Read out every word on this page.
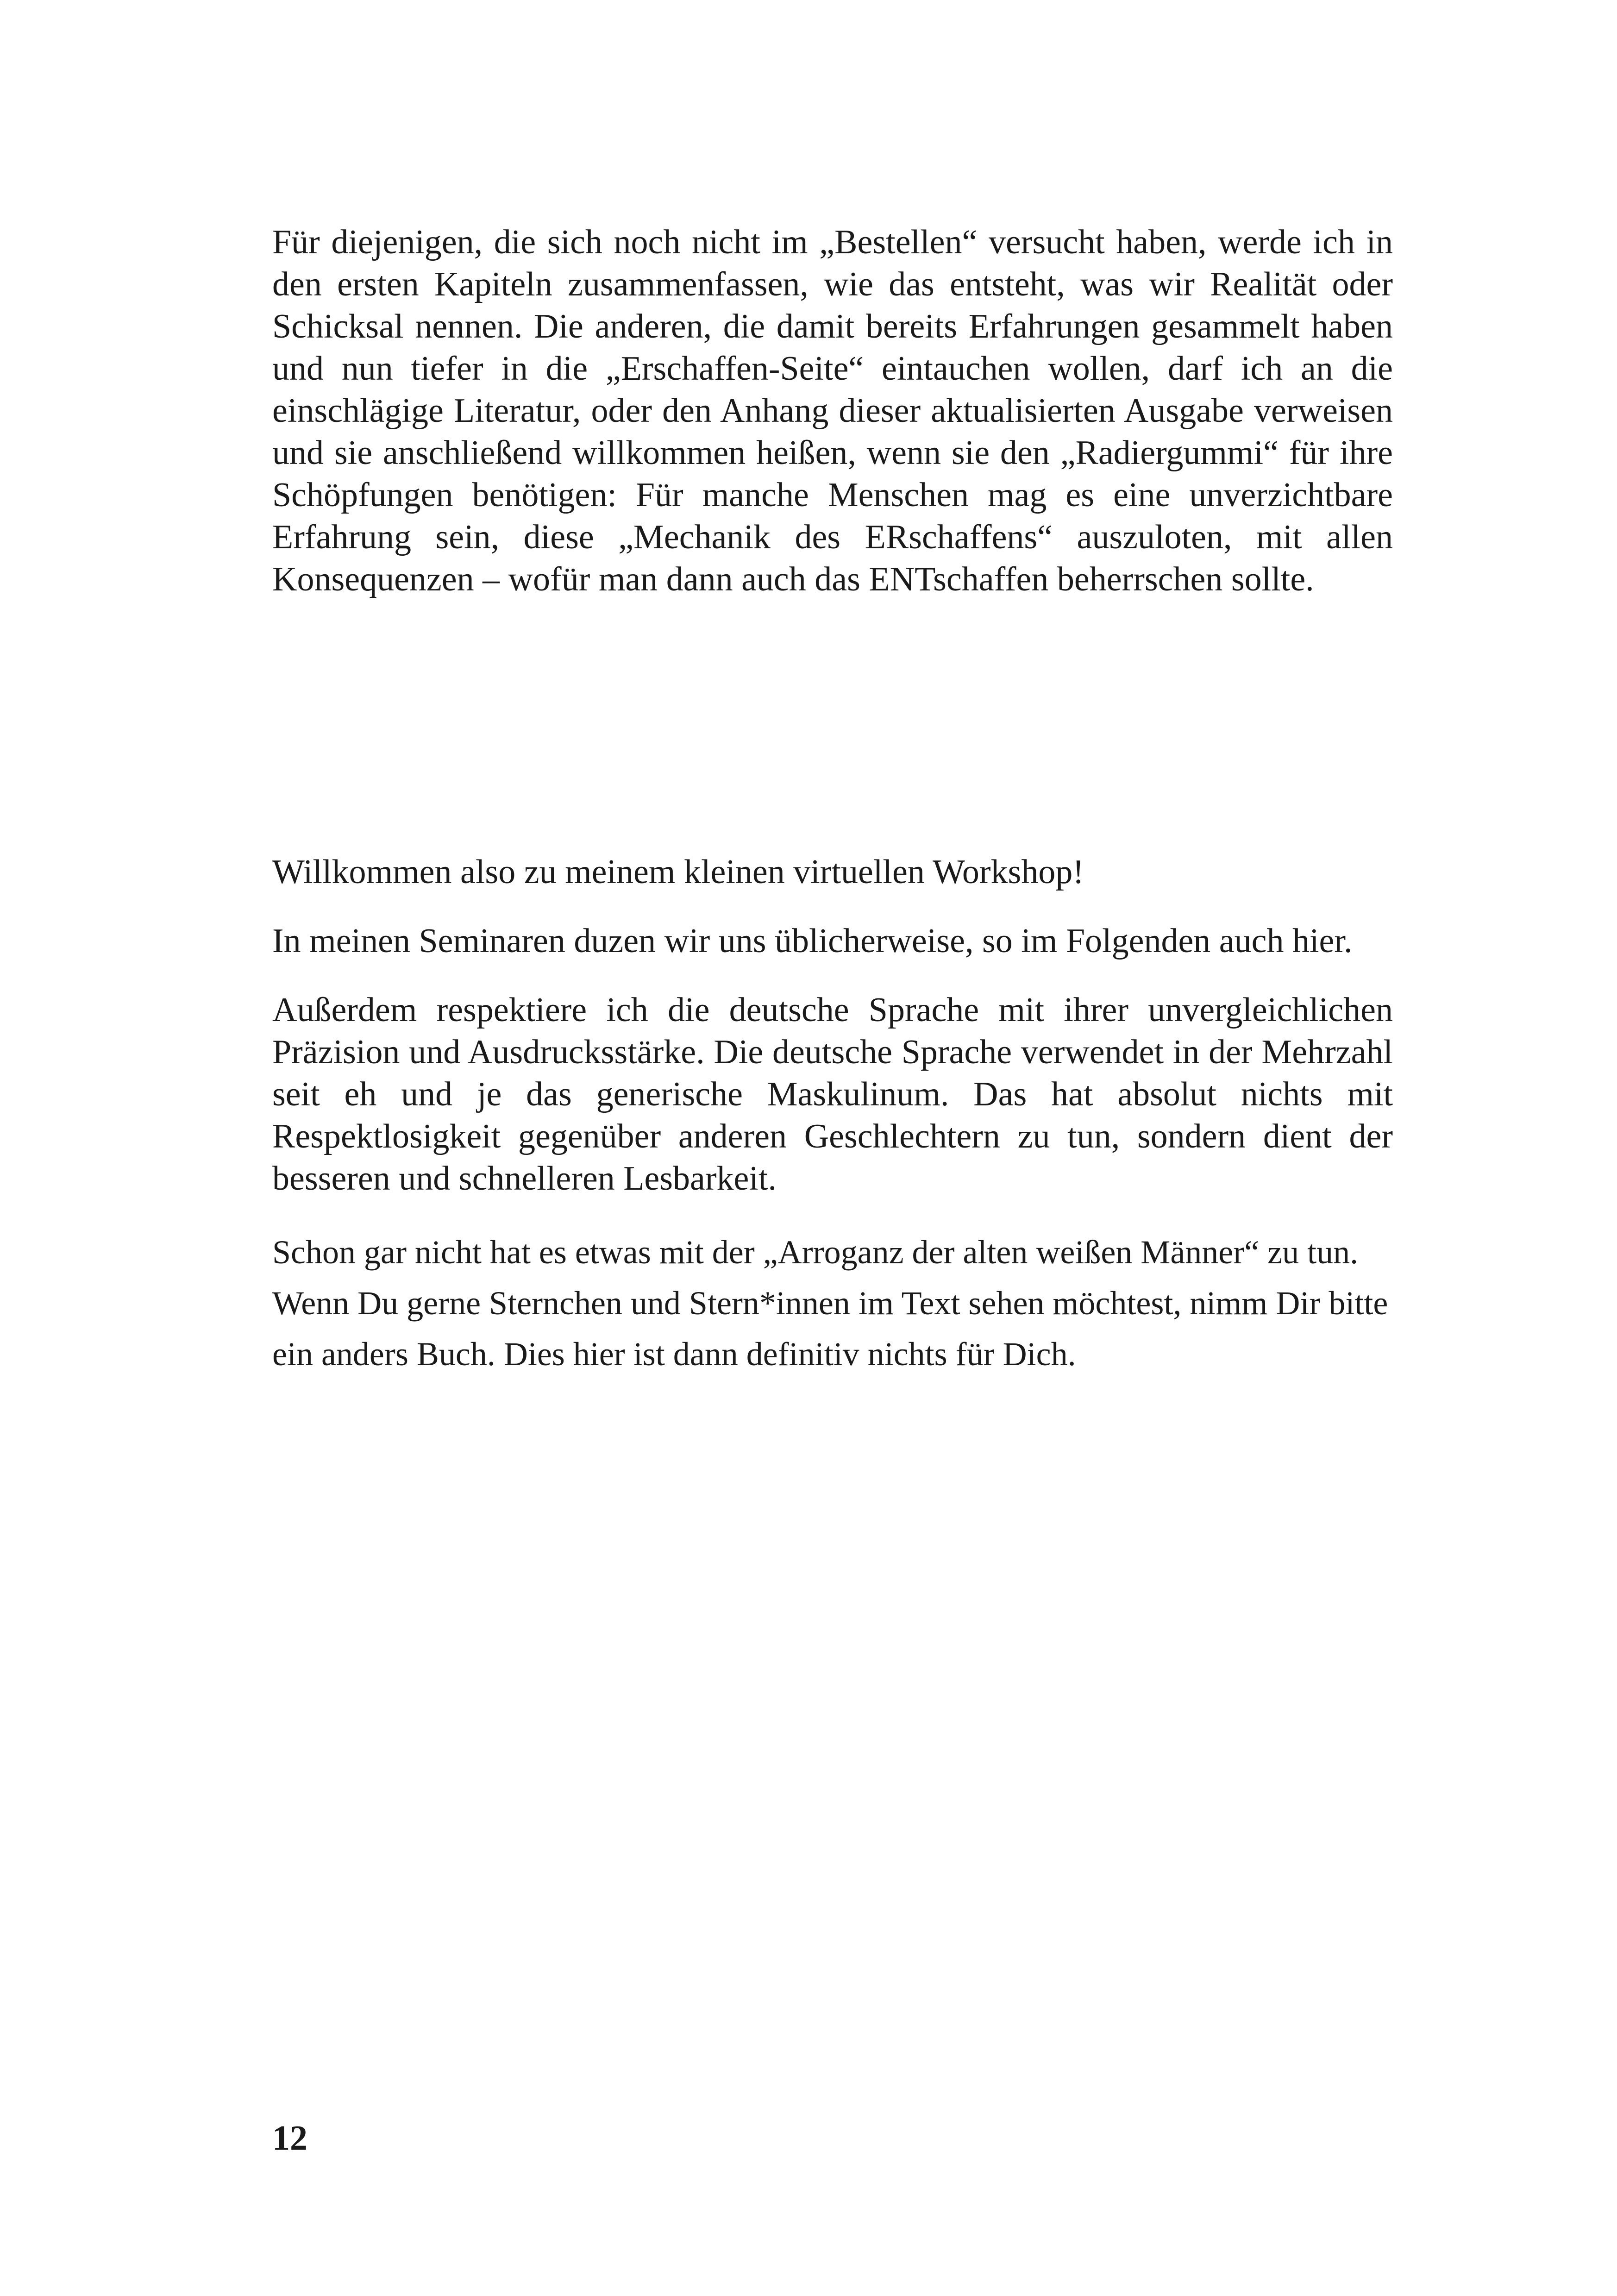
Für diejenigen, die sich noch nicht im „Bestellen“ versucht haben, werde ich in den ersten Kapiteln zusammenfassen, wie das entsteht, was wir Realität oder Schicksal nennen. Die anderen, die damit bereits Erfahrungen gesammelt haben und nun tiefer in die „Erschaffen-Seite“ eintauchen wollen, darf ich an die einschlägige Literatur, oder den Anhang dieser aktualisierten Ausgabe verweisen und sie anschließend willkommen heißen, wenn sie den „Radiergummi“ für ihre Schöpfungen benötigen: Für manche Menschen mag es eine unverzichtbare Erfahrung sein, diese „Mechanik des ERschaffens“ auszuloten, mit allen Konsequenzen – wofür man dann auch das ENTschaffen beherrschen sollte.

Willkommen also zu meinem kleinen virtuellen Workshop!

In meinen Seminaren duzen wir uns üblicherweise, so im Folgenden auch hier.

Außerdem respektiere ich die deutsche Sprache mit ihrer unvergleichlichen Präzision und Ausdrucksstärke. Die deutsche Sprache verwendet in der Mehrzahl seit eh und je das generische Maskulinum. Das hat absolut nichts mit Respektlosigkeit gegenüber anderen Geschlechtern zu tun, sondern dient der besseren und schnelleren Lesbarkeit.

Schon gar nicht hat es etwas mit der „Arroganz der alten weißen Männer“ zu tun. Wenn Du gerne Sternchen und Stern*innen im Text sehen möchtest, nimm Dir bitte ein anders Buch. Dies hier ist dann definitiv nichts für Dich.

12
